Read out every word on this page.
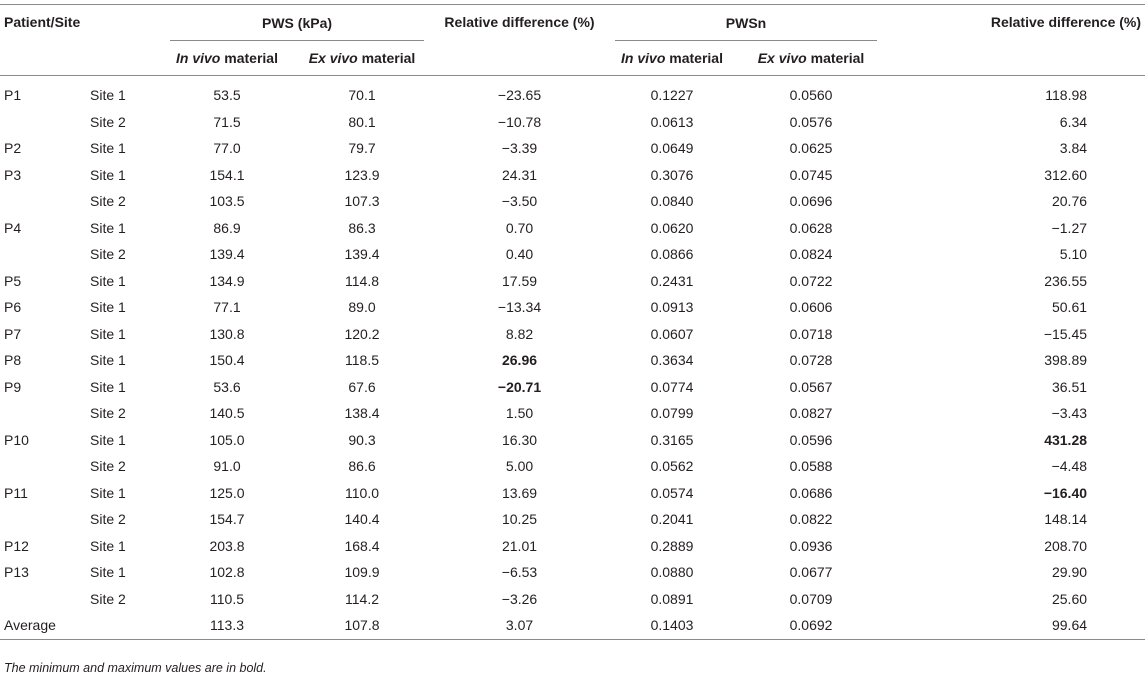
Patient/Site		PWS (kPa)		Relative difference (%)	PWSn		Relative difference (%)
		In vivo material	Ex vivo material		In vivo material	Ex vivo material	
P1	Site 1	53.5	70.1	−23.65	0.1227	0.0560	118.98
	Site 2	71.5	80.1	−10.78	0.0613	0.0576	6.34
P2	Site 1	77.0	79.7	−3.39	0.0649	0.0625	3.84
P3	Site 1	154.1	123.9	24.31	0.3076	0.0745	312.60
	Site 2	103.5	107.3	−3.50	0.0840	0.0696	20.76
P4	Site 1	86.9	86.3	0.70	0.0620	0.0628	−1.27
	Site 2	139.4	139.4	0.40	0.0866	0.0824	5.10
P5	Site 1	134.9	114.8	17.59	0.2431	0.0722	236.55
P6	Site 1	77.1	89.0	−13.34	0.0913	0.0606	50.61
P7	Site 1	130.8	120.2	8.82	0.0607	0.0718	−15.45
P8	Site 1	150.4	118.5	26.96	0.3634	0.0728	398.89
P9	Site 1	53.6	67.6	−20.71	0.0774	0.0567	36.51
	Site 2	140.5	138.4	1.50	0.0799	0.0827	−3.43
P10	Site 1	105.0	90.3	16.30	0.3165	0.0596	431.28
	Site 2	91.0	86.6	5.00	0.0562	0.0588	−4.48
P11	Site 1	125.0	110.0	13.69	0.0574	0.0686	−16.40
	Site 2	154.7	140.4	10.25	0.2041	0.0822	148.14
P12	Site 1	203.8	168.4	21.01	0.2889	0.0936	208.70
P13	Site 1	102.8	109.9	−6.53	0.0880	0.0677	29.90
	Site 2	110.5	114.2	−3.26	0.0891	0.0709	25.60
Average		113.3	107.8	3.07	0.1403	0.0692	99.64
The minimum and maximum values are in bold.
